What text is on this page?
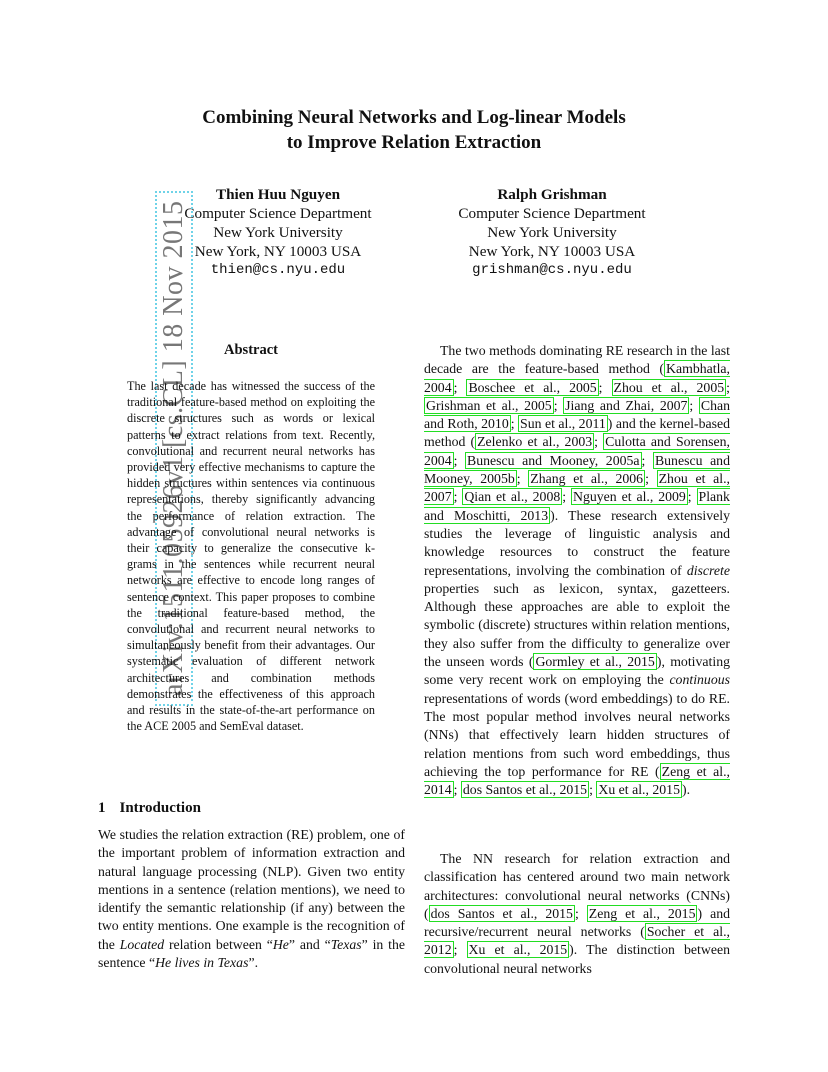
Combining Neural Networks and Log-linear Models
to Improve Relation Extraction
Thien Huu Nguyen
Computer Science Department
New York University
New York, NY 10003 USA
thien@cs.nyu.edu
Ralph Grishman
Computer Science Department
New York University
New York, NY 10003 USA
grishman@cs.nyu.edu
arXiv:1511.05926v1 [cs.CL] 18 Nov 2015	Abstract
The last decade has witnessed the success of the traditional feature-based method on exploiting the discrete structures such as words or lexical patterns to extract relations from text. Recently, convolutional and recurrent neural networks has provided very effective mechanisms to capture the hidden structures within sentences via continuous representations, thereby significantly advancing the performance of relation extraction. The advantage of convolutional neural networks is their capacity to generalize the consecutive k-grams in the sentences while recurrent neural networks are effective to encode long ranges of sentence context. This paper proposes to combine the traditional feature-based method, the convolutional and recurrent neural networks to simultaneously benefit from their advantages. Our systematic evaluation of different network architectures and combination methods demonstrates the effectiveness of this approach and results in the state-of-the-art performance on the ACE 2005 and SemEval dataset.
1 Introduction
We studies the relation extraction (RE) problem, one of the important problem of information extraction and natural language processing (NLP). Given two entity mentions in a sentence (relation mentions), we need to identify the semantic relationship (if any) between the two entity mentions. One example is the recognition of the Located relation between “He” and “Texas” in the sentence “He lives in Texas”.
The two methods dominating RE research in the last decade are the feature-based method ( Kambhatla, 2004 ; Boschee et al., 2005 ; Zhou et al., 2005 ; Grishman et al., 2005 ; Jiang and Zhai, 2007 ; Chan and Roth, 2010 ; Sun et al., 2011 ) and the kernel-based method ( Zelenko et al., 2003 ; Culotta and Sorensen, 2004 ; Bunescu and Mooney, 2005a ; Bunescu and Mooney, 2005b ; Zhang et al., 2006 ; Zhou et al., 2007 ; Qian et al., 2008 ; Nguyen et al., 2009 ; Plank and Moschitti, 2013 ). These research extensively studies the leverage of linguistic analysis and knowledge resources to construct the feature representations, involving the combination of discrete properties such as lexicon, syntax, gazetteers. Although these approaches are able to exploit the symbolic (discrete) structures within relation mentions, they also suffer from the difficulty to generalize over the unseen words ( Gormley et al., 2015 ), motivating some very recent work on employing the continuous representations of words (word embeddings) to do RE. The most popular method involves neural networks (NNs) that effectively learn hidden structures of relation mentions from such word embeddings, thus achieving the top performance for RE ( Zeng et al., 2014 ; dos Santos et al., 2015 ; Xu et al., 2015 ).
The NN research for relation extraction and classification has centered around two main network architectures: convolutional neural networks (CNNs) ( dos Santos et al., 2015 ; Zeng et al., 2015 ) and recursive/recurrent neural networks ( Socher et al., 2012 ; Xu et al., 2015 ). The distinction between convolutional neural networks
